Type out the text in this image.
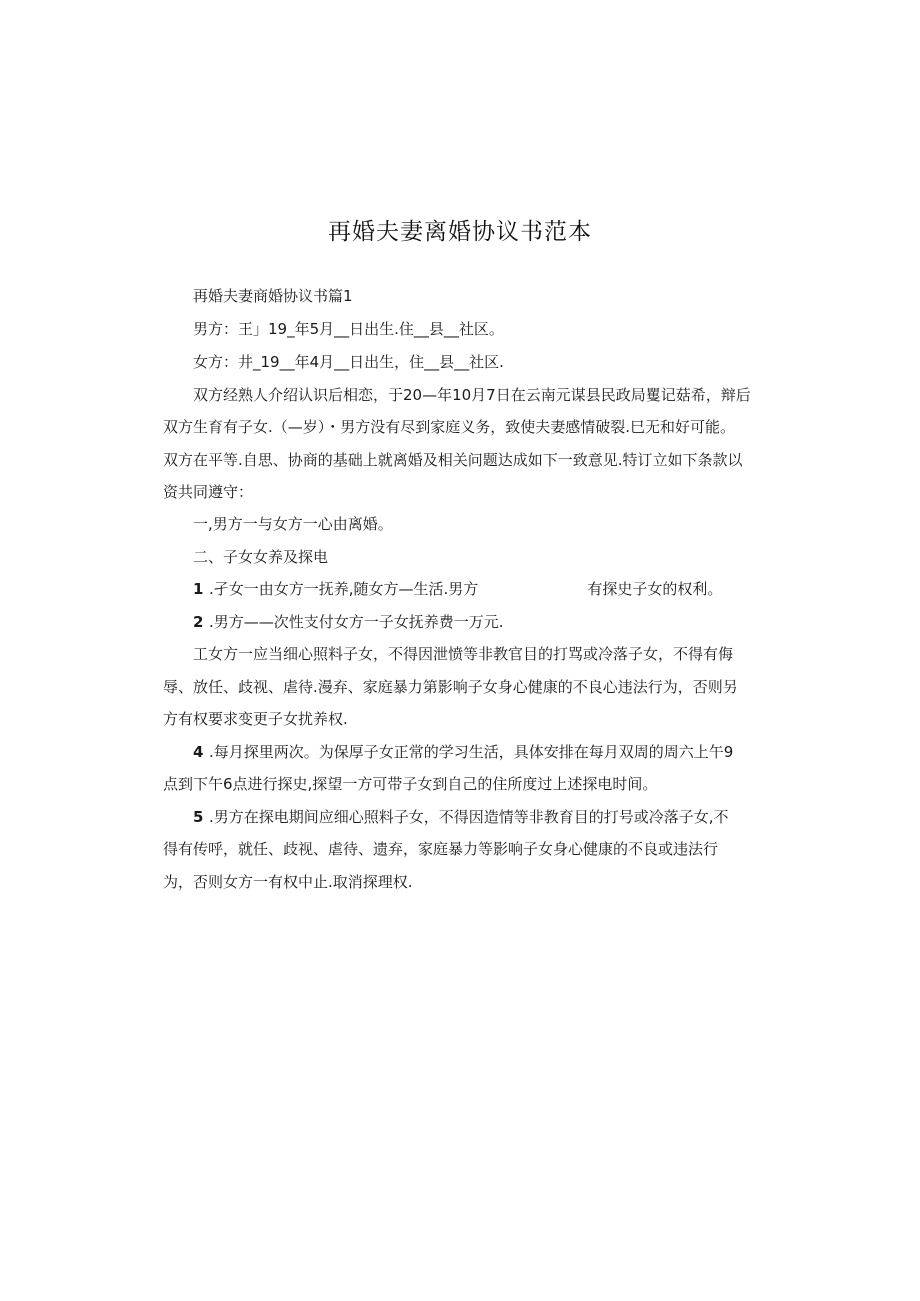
再婚夫妻离婚协议书范本
再婚夫妻商婚协议书篇1
男方：王」19_年5月__日出生.住__县__社区。
女方：井_19__年4月__日出生，住__县__社区.
双方经熟人介绍认识后相恋，于20—年10月7日在云南元谋县民政局矍记菇希，辩后
双方生育有子女.（—岁）・男方没有尽到家庭义务，致使夫妻感情破裂.巳无和好可能。
双方在平等.自思、协商的基础上就离婚及相关问题达成如下一致意见.特订立如下条款以
资共同遵守：
一,男方一与女方一心由离婚。
二、子女女养及探电
1 .孑女一由女方一抚养,随女方—生活.男方	有探史子女的权利。
2 .男方——次性支付女方一子女抚养费一万元.
工女方一应当细心照料子女，不得因泄愤等非教官目的打骂或冷落子女，不得有侮
辱、放任、歧视、虐待.漫弃、家庭暴力第影响子女身心健康的不良心违法行为，否则另
方有权要求变更子女扰养权.
4 .每月探里两次。为保厚子女正常的学习生活，具体安排在每月双周的周六上午9
点到下午6点进行探史,探望一方可带子女到自己的住所度过上述探电时间。
5 .男方在探电期间应细心照料子女，不得因造情等非教育目的打号或冷落子女,不
得有传呼，就任、歧视、虐待、遗弃，家庭暴力等影响子女身心健康的不良或违法行
为，否则女方一有权中止.取消探理权.
